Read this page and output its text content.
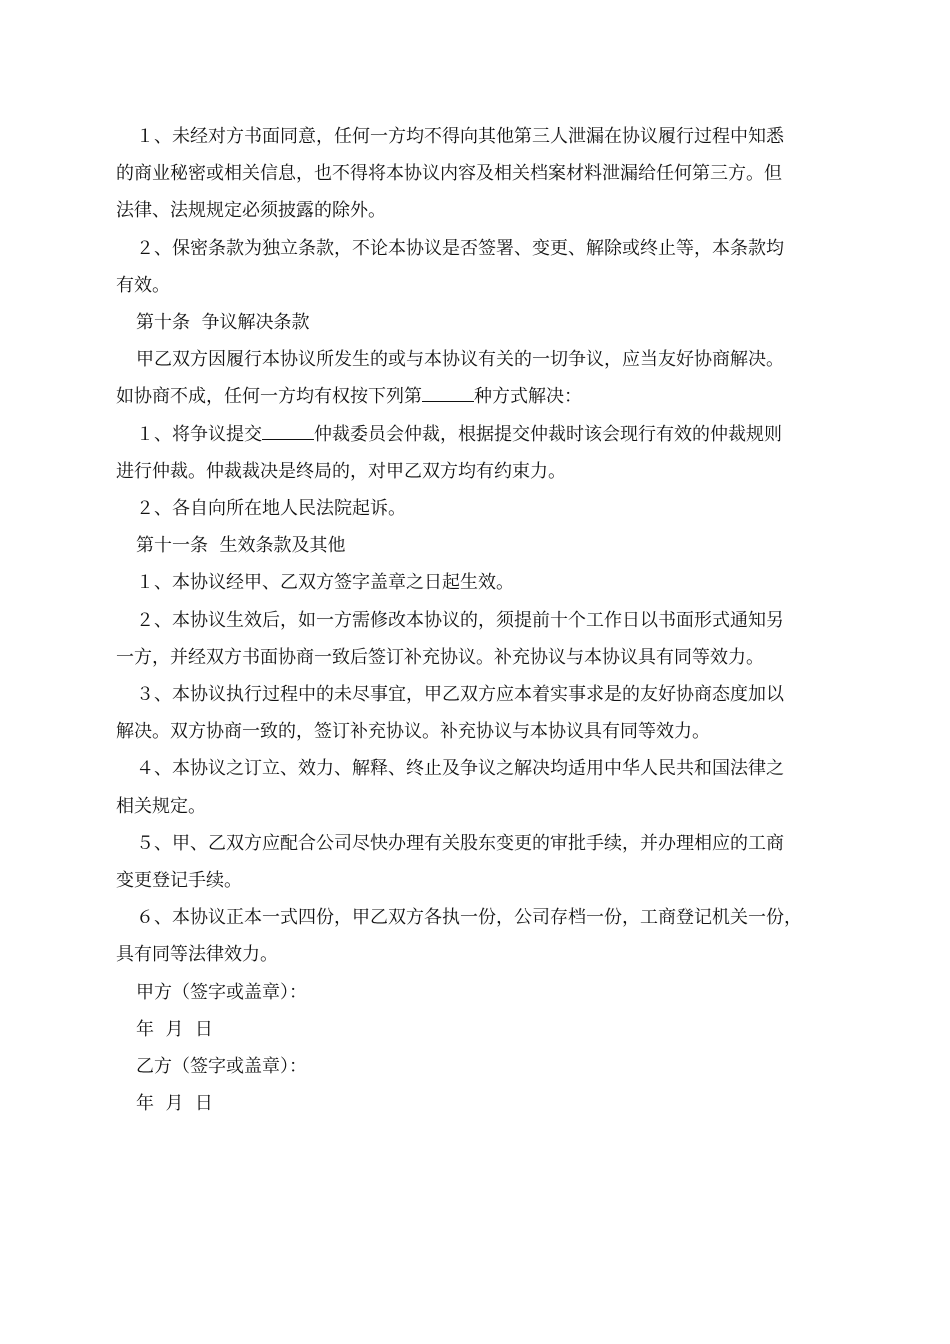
１、未经对方书面同意，任何一方均不得向其他第三人泄漏在协议履行过程中知悉

的商业秘密或相关信息，也不得将本协议内容及相关档案材料泄漏给任何第三方。但

法律、法规规定必须披露的除外。

２、保密条款为独立条款，不论本协议是否签署、变更、解除或终止等，本条款均

有效。

第十条  争议解决条款

甲乙双方因履行本协议所发生的或与本协议有关的一切争议，应当友好协商解决。

如协商不成，任何一方均有权按下列第	种方式解决：

１、将争议提交	仲裁委员会仲裁，根据提交仲裁时该会现行有效的仲裁规则

进行仲裁。仲裁裁决是终局的，对甲乙双方均有约束力。

２、各自向所在地人民法院起诉。

第十一条  生效条款及其他

１、本协议经甲、乙双方签字盖章之日起生效。

２、本协议生效后，如一方需修改本协议的，须提前十个工作日以书面形式通知另

一方，并经双方书面协商一致后签订补充协议。补充协议与本协议具有同等效力。

３、本协议执行过程中的未尽事宜，甲乙双方应本着实事求是的友好协商态度加以

解决。双方协商一致的，签订补充协议。补充协议与本协议具有同等效力。

４、本协议之订立、效力、解释、终止及争议之解决均适用中华人民共和国法律之

相关规定。

５、甲、乙双方应配合公司尽快办理有关股东变更的审批手续，并办理相应的工商

变更登记手续。

６、本协议正本一式四份，甲乙双方各执一份，公司存档一份，工商登记机关一份，

具有同等法律效力。

甲方（签字或盖章）：

年  月  日

乙方（签字或盖章）：

年  月  日
